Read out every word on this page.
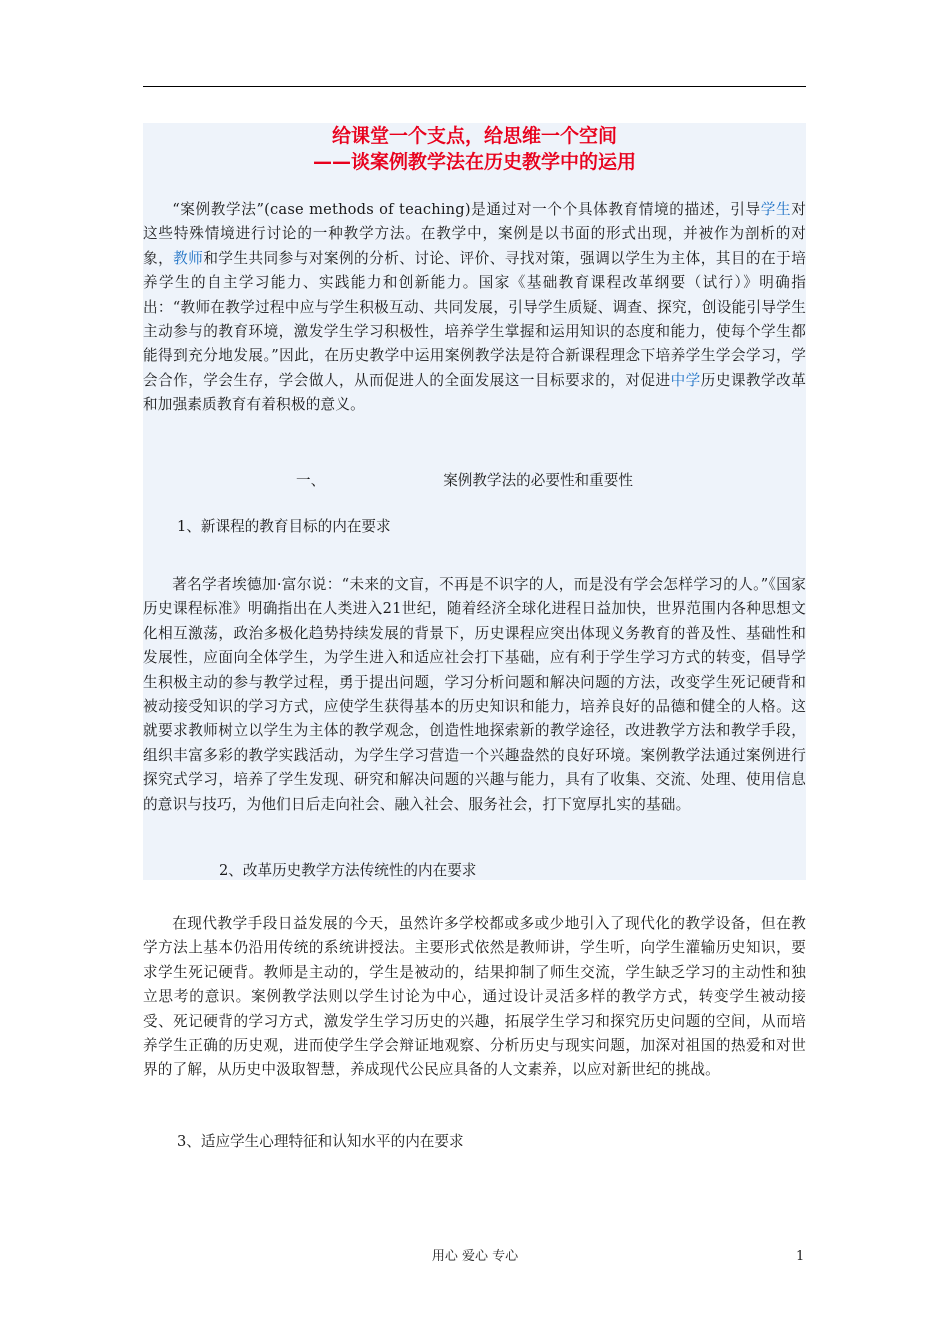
给课堂一个支点，给思维一个空间
——谈案例教学法在历史教学中的运用

“案例教学法”(case methods of teaching)是通过对一个个具体教育情境的描述，引导学生对这些特殊情境进行讨论的一种教学方法。在教学中，案例是以书面的形式出现，并被作为剖析的对象，教师和学生共同参与对案例的分析、讨论、评价、寻找对策，强调以学生为主体，其目的在于培养学生的自主学习能力、实践能力和创新能力。国家《基础教育课程改革纲要（试行）》明确指出：“教师在教学过程中应与学生积极互动、共同发展，引导学生质疑、调查、探究，创设能引导学生主动参与的教育环境，激发学生学习积极性，培养学生掌握和运用知识的态度和能力，使每个学生都能得到充分地发展。”因此，在历史教学中运用案例教学法是符合新课程理念下培养学生学会学习，学会合作，学会生存，学会做人，从而促进人的全面发展这一目标要求的，对促进中学历史课教学改革和加强素质教育有着积极的意义。

一、	案例教学法的必要性和重要性

1、新课程的教育目标的内在要求

著名学者埃德加·富尔说：“未来的文盲，不再是不识字的人，而是没有学会怎样学习的人。”《国家历史课程标准》明确指出在人类进入21世纪，随着经济全球化进程日益加快，世界范围内各种思想文化相互激荡，政治多极化趋势持续发展的背景下，历史课程应突出体现义务教育的普及性、基础性和发展性，应面向全体学生，为学生进入和适应社会打下基础，应有利于学生学习方式的转变，倡导学生积极主动的参与教学过程，勇于提出问题，学习分析问题和解决问题的方法，改变学生死记硬背和被动接受知识的学习方式，应使学生获得基本的历史知识和能力，培养良好的品德和健全的人格。这就要求教师树立以学生为主体的教学观念，创造性地探索新的教学途径，改进教学方法和教学手段，组织丰富多彩的教学实践活动，为学生学习营造一个兴趣盎然的良好环境。案例教学法通过案例进行探究式学习，培养了学生发现、研究和解决问题的兴趣与能力，具有了收集、交流、处理、使用信息的意识与技巧，为他们日后走向社会、融入社会、服务社会，打下宽厚扎实的基础。

2、改革历史教学方法传统性的内在要求

在现代教学手段日益发展的今天，虽然许多学校都或多或少地引入了现代化的教学设备，但在教学方法上基本仍沿用传统的系统讲授法。主要形式依然是教师讲，学生听，向学生灌输历史知识，要求学生死记硬背。教师是主动的，学生是被动的，结果抑制了师生交流，学生缺乏学习的主动性和独立思考的意识。案例教学法则以学生讨论为中心，通过设计灵活多样的教学方式，转变学生被动接受、死记硬背的学习方式，激发学生学习历史的兴趣，拓展学生学习和探究历史问题的空间，从而培养学生正确的历史观，进而使学生学会辩证地观察、分析历史与现实问题，加深对祖国的热爱和对世界的了解，从历史中汲取智慧，养成现代公民应具备的人文素养，以应对新世纪的挑战。

3、适应学生心理特征和认知水平的内在要求

用心 爱心 专心	1
